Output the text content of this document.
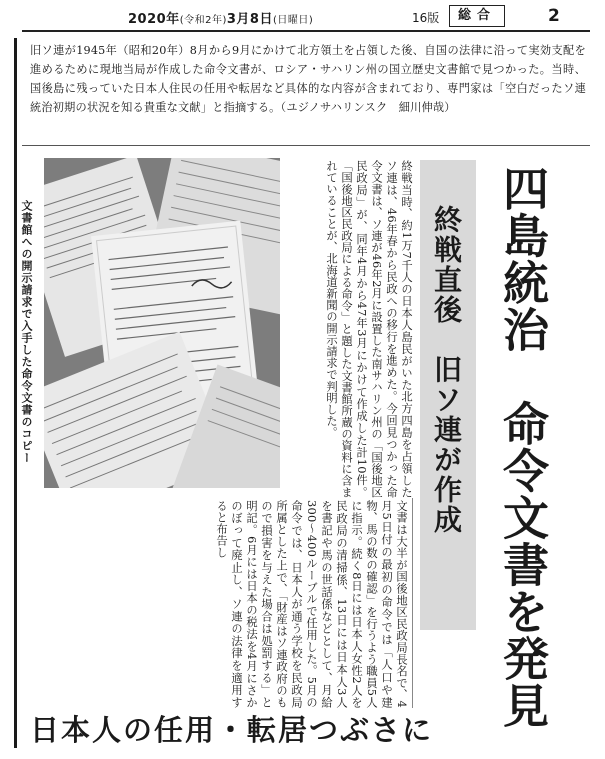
2020年(令和2年)3月8日(日曜日)	16版	総合	2
旧ソ連が1945年（昭和20年）8月から9月にかけて北方領土を占領した後、自国の法律に沿って実効支配を進めるために現地当局が作成した命令文書が、ロシア・サハリン州の国立歴史文書館で見つかった。当時、国後島に残っていた日本人住民の任用や転居など具体的な内容が含まれており、専門家は「空白だったソ連統治初期の状況を知る貴重な文献」と指摘する。（ユジノサハリンスク　細川伸哉）
文書館への開示請求で入手した命令文書のコピー	終戦当時、約1万7千人の日本人島民がいた北方四島を占領したソ連は、46年春から民政への移行を進めた。今回見つかった命令文書は、ソ連が46年2月に設置した南サハリン州の「国後地区民政局」が、同年4月から47年3月にかけて作成した計10件。「国後地区民政局による命令」と題した文書館所蔵の資料に含まれていることが、北海道新聞の開示請求で判明した。	終戦直後　旧ソ連が作成 四島統治　命令文書を発見
文書は大半が国後地区民政局長名で、4月5日付の最初の命令では「人口や建物、馬の数の確認」を行うよう職員5人に指示。続く8日には日本人女性2人を民政局の清掃係、13日には日本人3人を書記や馬の世話係などとして、月給300〜400ルーブルで任用した。5月の命令では、日本人が通う学校を民政局所属とした上で、「財産はソ連政府のもので損害を与えた場合は処罰する」と明記。6月には日本の税法を4月にさかのぼって廃止し、ソ連の法律を適用すると布告し
日本人の任用・転居つぶさに
